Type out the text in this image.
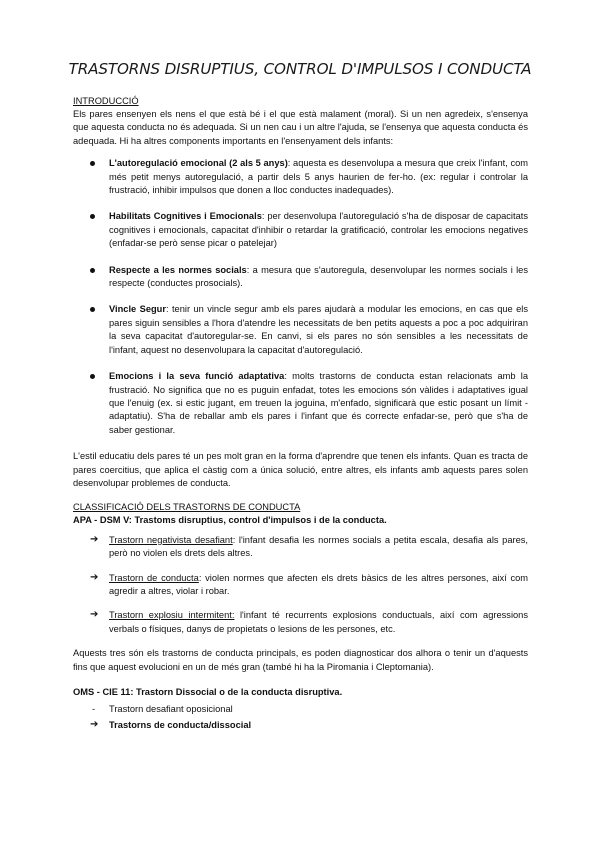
TRASTORNS DISRUPTIUS, CONTROL D'IMPULSOS I CONDUCTA
INTRODUCCIÓ

Els pares ensenyen els nens el que està bé i el que està malament (moral). Si un nen agredeix, s'ensenya que aquesta conducta no és adequada. Si un nen cau i un altre l'ajuda, se l'ensenya que aquesta conducta és adequada. Hi ha altres components importants en l'ensenyament dels infants:

L'autoregulació emocional (2 als 5 anys): aquesta es desenvolupa a mesura que creix l'infant, com més petit menys autoregulació, a partir dels 5 anys haurien de fer-ho. (ex: regular i controlar la frustració, inhibir impulsos que donen a lloc conductes inadequades).
Habilitats Cognitives i Emocionals: per desenvolupa l'autoregulació s'ha de disposar de capacitats cognitives i emocionals, capacitat d'inhibir o retardar la gratificació, controlar les emocions negatives (enfadar-se però sense picar o patelejar)
Respecte a les normes socials: a mesura que s'autoregula, desenvolupar les normes socials i les respecte (conductes prosocials).
Vincle Segur: tenir un vincle segur amb els pares ajudarà a modular les emocions, en cas que els pares siguin sensibles a l'hora d'atendre les necessitats de ben petits aquests a poc a poc adquiriran la seva capacitat d'autoregular-se. En canvi, si els pares no són sensibles a les necessitats de l'infant, aquest no desenvolupara la capacitat d'autoregulació.
Emocions i la seva funció adaptativa: molts trastorns de conducta estan relacionats amb la frustració. No significa que no es puguin enfadat, totes les emocions són vàlides i adaptatives igual que l'enuig (ex. si estic jugant, em treuen la joguina, m'enfado, significarà que estic posant un límit - adaptatiu). S'ha de reballar amb els pares i l'infant que és correcte enfadar-se, però que s'ha de saber gestionar.

L'estil educatiu dels pares té un pes molt gran en la forma d'aprendre que tenen els infants. Quan es tracta de pares coercitius, que aplica el càstig com a única solució, entre altres, els infants amb aquests pares solen desenvolupar problemes de conducta.

CLASSIFICACIÓ DELS TRASTORNS DE CONDUCTA
APA - DSM V: Trastoms disruptius, control d'impulsos i de la conducta.
➔ Trastorn negativista desafiant: l'infant desafia les normes socials a petita escala, desafia als pares, però no violen els drets dels altres.
➔ Trastorn de conducta: violen normes que afecten els drets bàsics de les altres persones, així com agredir a altres, violar i robar.
➔ Trastorn explosiu intermitent: l'infant té recurrents explosions conductuals, així com agressions verbals o físiques, danys de propietats o lesions de les persones, etc.

Aquests tres són els trastorns de conducta principals, es poden diagnosticar dos alhora o tenir un d'aquests fins que aquest evolucioni en un de més gran (també hi ha la Piromania i Cleptomania).

OMS - CIE 11: Trastorn Dissocial o de la conducta disruptiva.
- Trastorn desafiant oposicional
➔ Trastorns de conducta/dissocial
